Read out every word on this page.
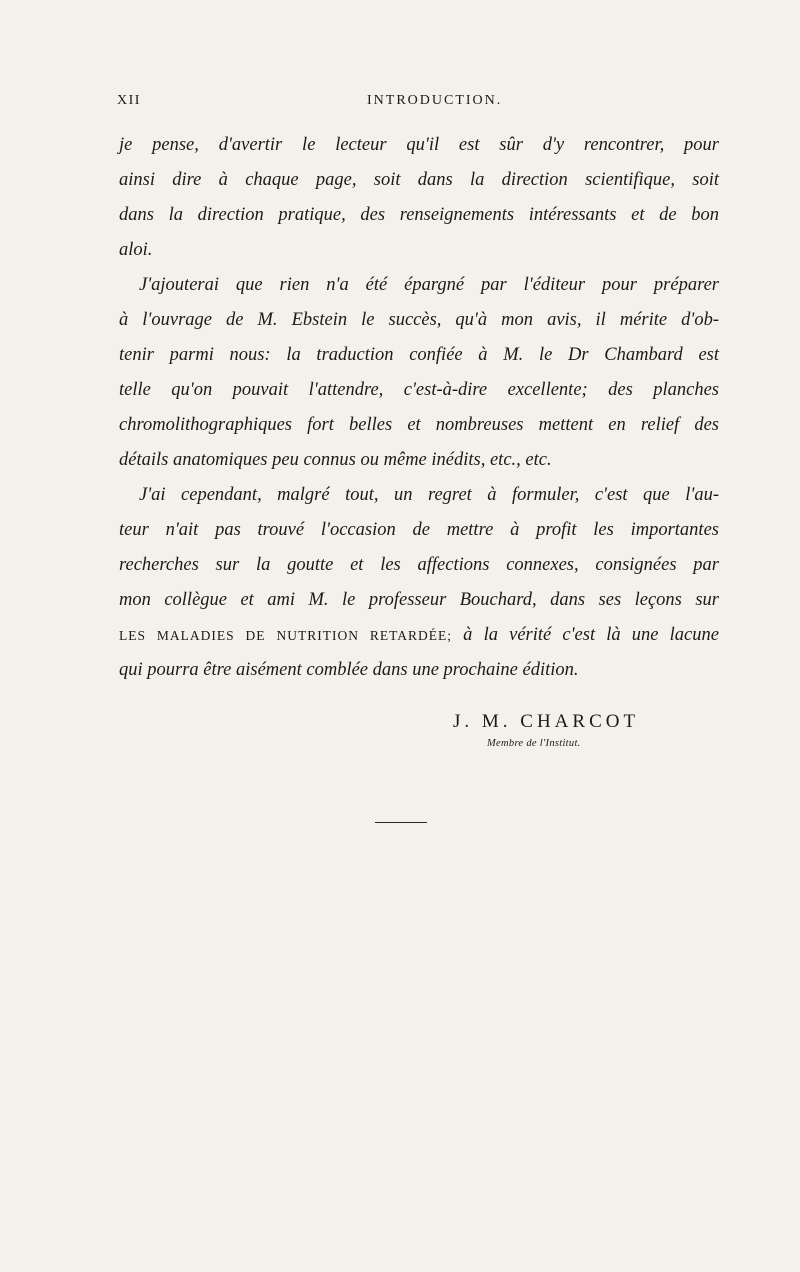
XII	INTRODUCTION.
je pense, d'avertir le lecteur qu'il est sûr d'y rencontrer, pour
ainsi dire à chaque page, soit dans la direction scientifique, soit
dans la direction pratique, des renseignements intéressants et de bon
aloi.
J'ajouterai que rien n'a été épargné par l'éditeur pour préparer
à l'ouvrage de M. Ebstein le succès, qu'à mon avis, il mérite d'ob-
tenir parmi nous: la traduction confiée à M. le Dr Chambard est
telle qu'on pouvait l'attendre, c'est-à-dire excellente; des planches
chromolithographiques fort belles et nombreuses mettent en relief des
détails anatomiques peu connus ou même inédits, etc., etc.
J'ai cependant, malgré tout, un regret à formuler, c'est que l'au-
teur n'ait pas trouvé l'occasion de mettre à profit les importantes
recherches sur la goutte et les affections connexes, consignées par
mon collègue et ami M. le professeur Bouchard, dans ses leçons sur
LES MALADIES DE NUTRITION RETARDÉE; à la vérité c'est là une lacune
qui pourra être aisément comblée dans une prochaine édition.
J. M. CHARCOT
Membre de l'Institut.
